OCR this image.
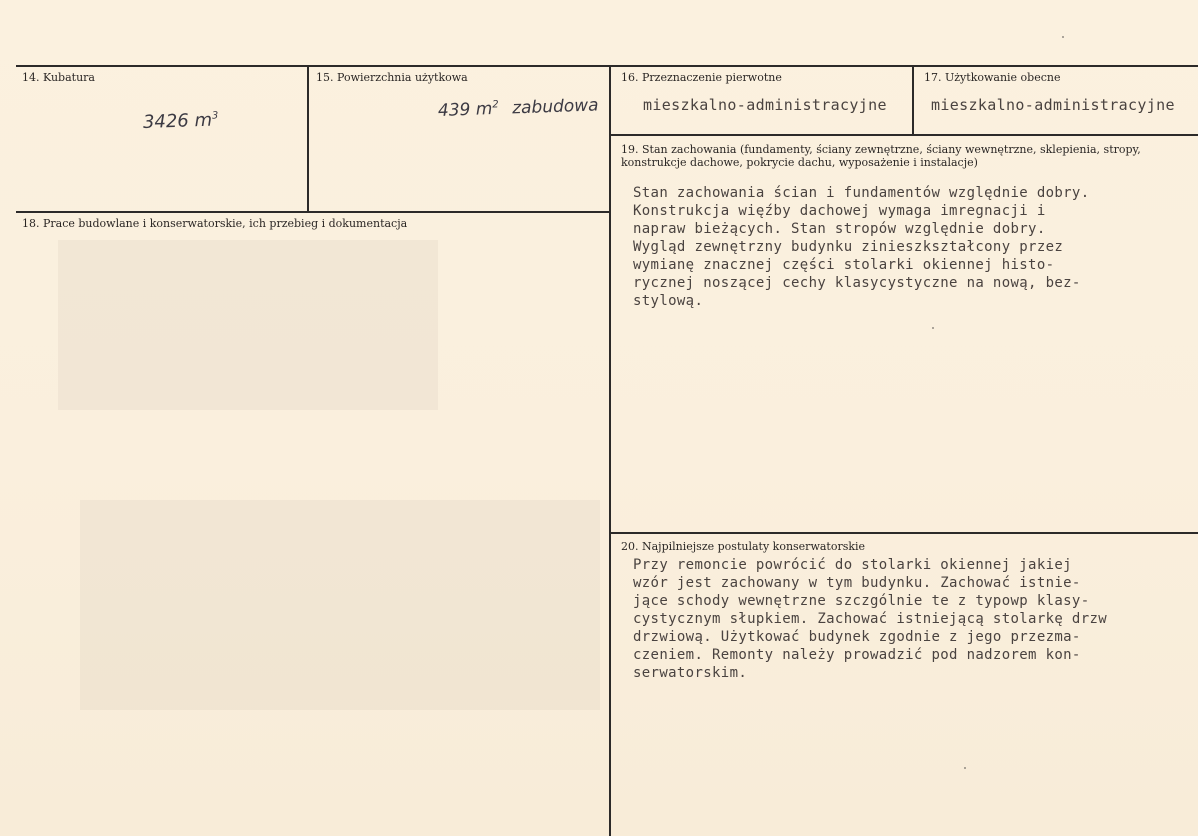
14. Kubatura
3426 $m^3$
15. Powierzchnia użytkowa
439 $m^2$ zabudowa
16. Przeznaczenie pierwotne
mieszkalno-administracyjne
17. Użytkowanie obecne
mieszkalno-administracyjne
19. Stan zachowania (fundamenty, ściany zewnętrzne, ściany wewnętrzne, sklepienia, stropy, konstrukcje dachowe, pokrycie dachu, wyposażenie i instalacje)
Stan zachowania ścian i fundamentów względnie dobry.
Konstrukcja więźby dachowej wymaga imregnacji i
napraw bieżących. Stan stropów względnie dobry.
Wygląd zewnętrzny budynku zinieszkształcony przez
wymianę znacznej części stolarki okiennej histo-
rycznej noszącej cechy klasycystyczne na nową, bez-
stylową.
18. Prace budowlane i konserwatorskie, ich przebieg i dokumentacja
20. Najpilniejsze postulaty konserwatorskie
Przy remoncie powrócić do stolarki okiennej jakiej
wzór jest zachowany w tym budynku. Zachować istnie-
jące schody wewnętrzne szczgólnie te z typowp klasy-
cystycznym słupkiem. Zachować istniejącą stolarkę drzw
drzwiową. Użytkować budynek zgodnie z jego przezma-
czeniem. Remonty należy prowadzić pod nadzorem kon-
serwatorskim.
